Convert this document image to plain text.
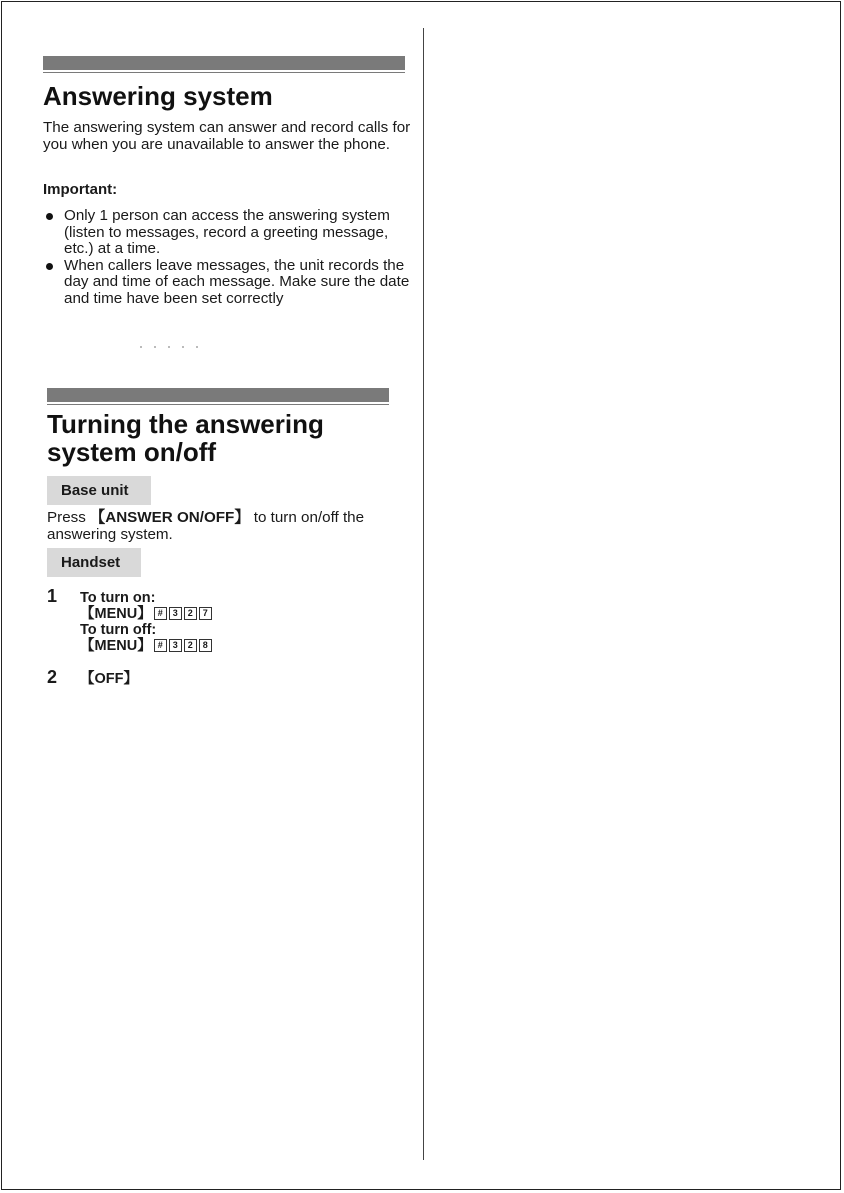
Answering system
The answering system can answer and record calls for you when you are unavailable to answer the phone.
Important:
Only 1 person can access the answering system (listen to messages, record a greeting message, etc.) at a time.
When callers leave messages, the unit records the day and time of each message. Make sure the date and time have been set correctly
Turning the answering system on/off
Base unit
Press 【ANSWER ON/OFF】 to turn on/off the answering system.
Handset
1 To turn on:
【MENU】 # 3 2 7
To turn off:
【MENU】 # 3 2 8
2 【OFF】
